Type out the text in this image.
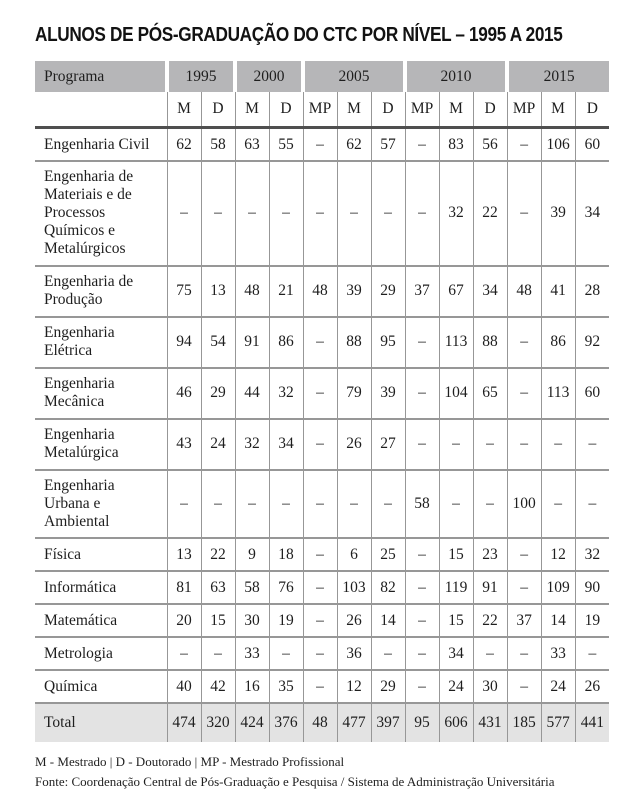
ALUNOS DE PÓS-GRADUAÇÃO DO CTC POR NÍVEL – 1995 A 2015
Programa	1995		2000		2005			2010			2015		
	M	D	M	D	MP	M	D	MP	M	D	MP	M	D
Engenharia Civil	62	58	63	55	–	62	57	–	83	56	–	106	60
Engenharia de Materiais e de Processos Químicos e Metalúrgicos	–	–	–	–	–	–	–	–	32	22	–	39	34
Engenharia de Produção	75	13	48	21	48	39	29	37	67	34	48	41	28
Engenharia Elétrica	94	54	91	86	–	88	95	–	113	88	–	86	92
Engenharia Mecânica	46	29	44	32	–	79	39	–	104	65	–	113	60
Engenharia Metalúrgica	43	24	32	34	–	26	27	–	–	–	–	–	–
Engenharia Urbana e Ambiental	–	–	–	–	–	–	–	58	–	–	100	–	–
Física	13	22	9	18	–	6	25	–	15	23	–	12	32
Informática	81	63	58	76	–	103	82	–	119	91	–	109	90
Matemática	20	15	30	19	–	26	14	–	15	22	37	14	19
Metrologia	–	–	33	–	–	36	–	–	34	–	–	33	–
Química	40	42	16	35	–	12	29	–	24	30	–	24	26
Total	474	320	424	376	48	477	397	95	606	431	185	577	441
M - Mestrado | D - Doutorado | MP - Mestrado Profissional
Fonte: Coordenação Central de Pós-Graduação e Pesquisa / Sistema de Administração Universitária
